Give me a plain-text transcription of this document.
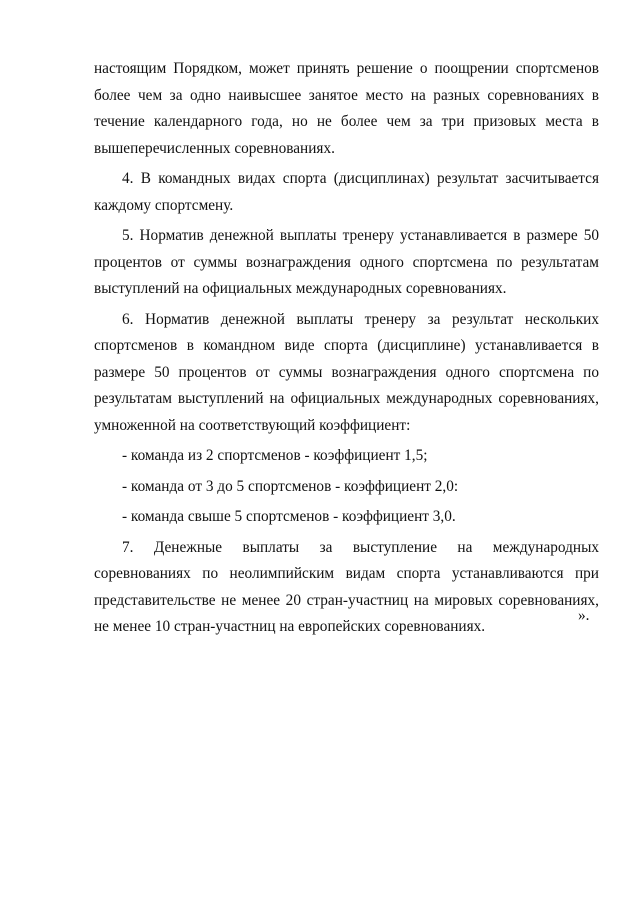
настоящим Порядком, может принять решение о поощрении спортсменов более чем за одно наивысшее занятое место на разных соревнованиях в течение календарного года, но не более чем за три призовых места в вышеперечисленных соревнованиях.

4. В командных видах спорта (дисциплинах) результат засчитывается каждому спортсмену.

5. Норматив денежной выплаты тренеру устанавливается в размере 50 процентов от суммы вознаграждения одного спортсмена по результатам выступлений на официальных международных соревнованиях.

6. Норматив денежной выплаты тренеру за результат нескольких спортсменов в командном виде спорта (дисциплине) устанавливается в размере 50 процентов от суммы вознаграждения одного спортсмена по результатам выступлений на официальных международных соревнованиях, умноженной на соответствующий коэффициент:

- команда из 2 спортсменов - коэффициент 1,5;

- команда от 3 до 5 спортсменов - коэффициент 2,0:

- команда свыше 5 спортсменов - коэффициент 3,0.

7. Денежные выплаты за выступление на международных соревнованиях по неолимпийским видам спорта устанавливаются при представительстве не менее 20 стран-участниц на мировых соревнованиях, не менее 10 стран-участниц на европейских соревнованиях.

».
